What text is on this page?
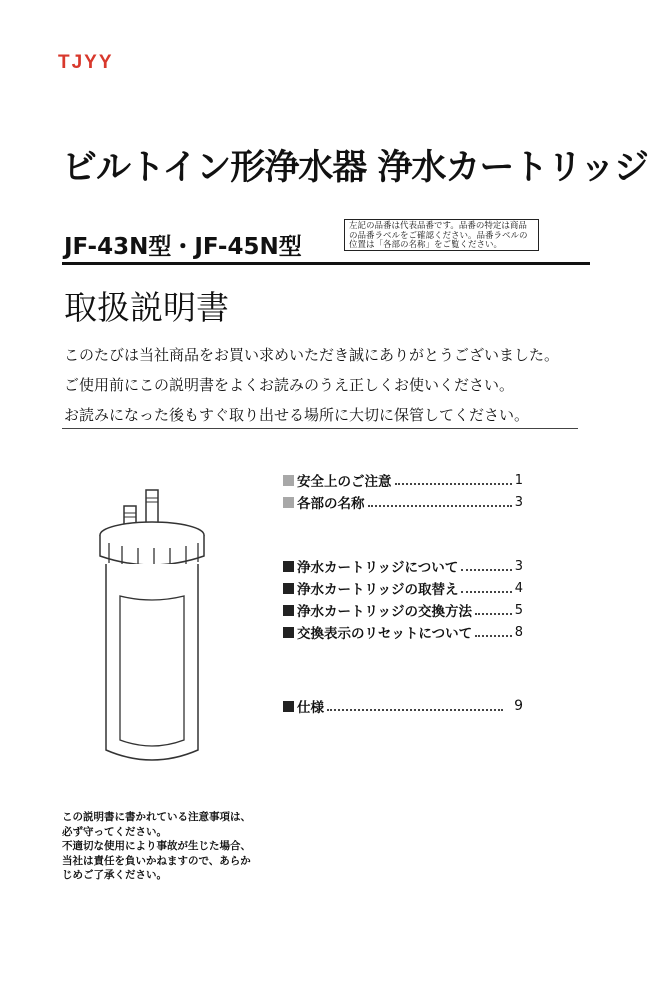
TJYY
ビルトイン形浄水器 浄水カートリッジ
JF-43N型・JF-45N型
左記の品番は代表品番です。品番の特定は商品の品番ラベルをご確認ください。品番ラベルの位置は「各部の名称」をご覧ください。
取扱説明書
このたびは当社商品をお買い求めいただき誠にありがとうございました。
ご使用前にこの説明書をよくお読みのうえ正しくお使いください。
お読みになった後もすぐ取り出せる場所に大切に保管してください。
安全上のご注意	1
各部の名称	3
浄水カートリッジについて	3
浄水カートリッジの取替え	4
浄水カートリッジの交換方法	5
交換表示のリセットについて	8
仕様	9
この説明書に書かれている注意事項は、
必ず守ってください。
不適切な使用により事故が生じた場合、
当社は責任を負いかねますので、あらか
じめご了承ください。
